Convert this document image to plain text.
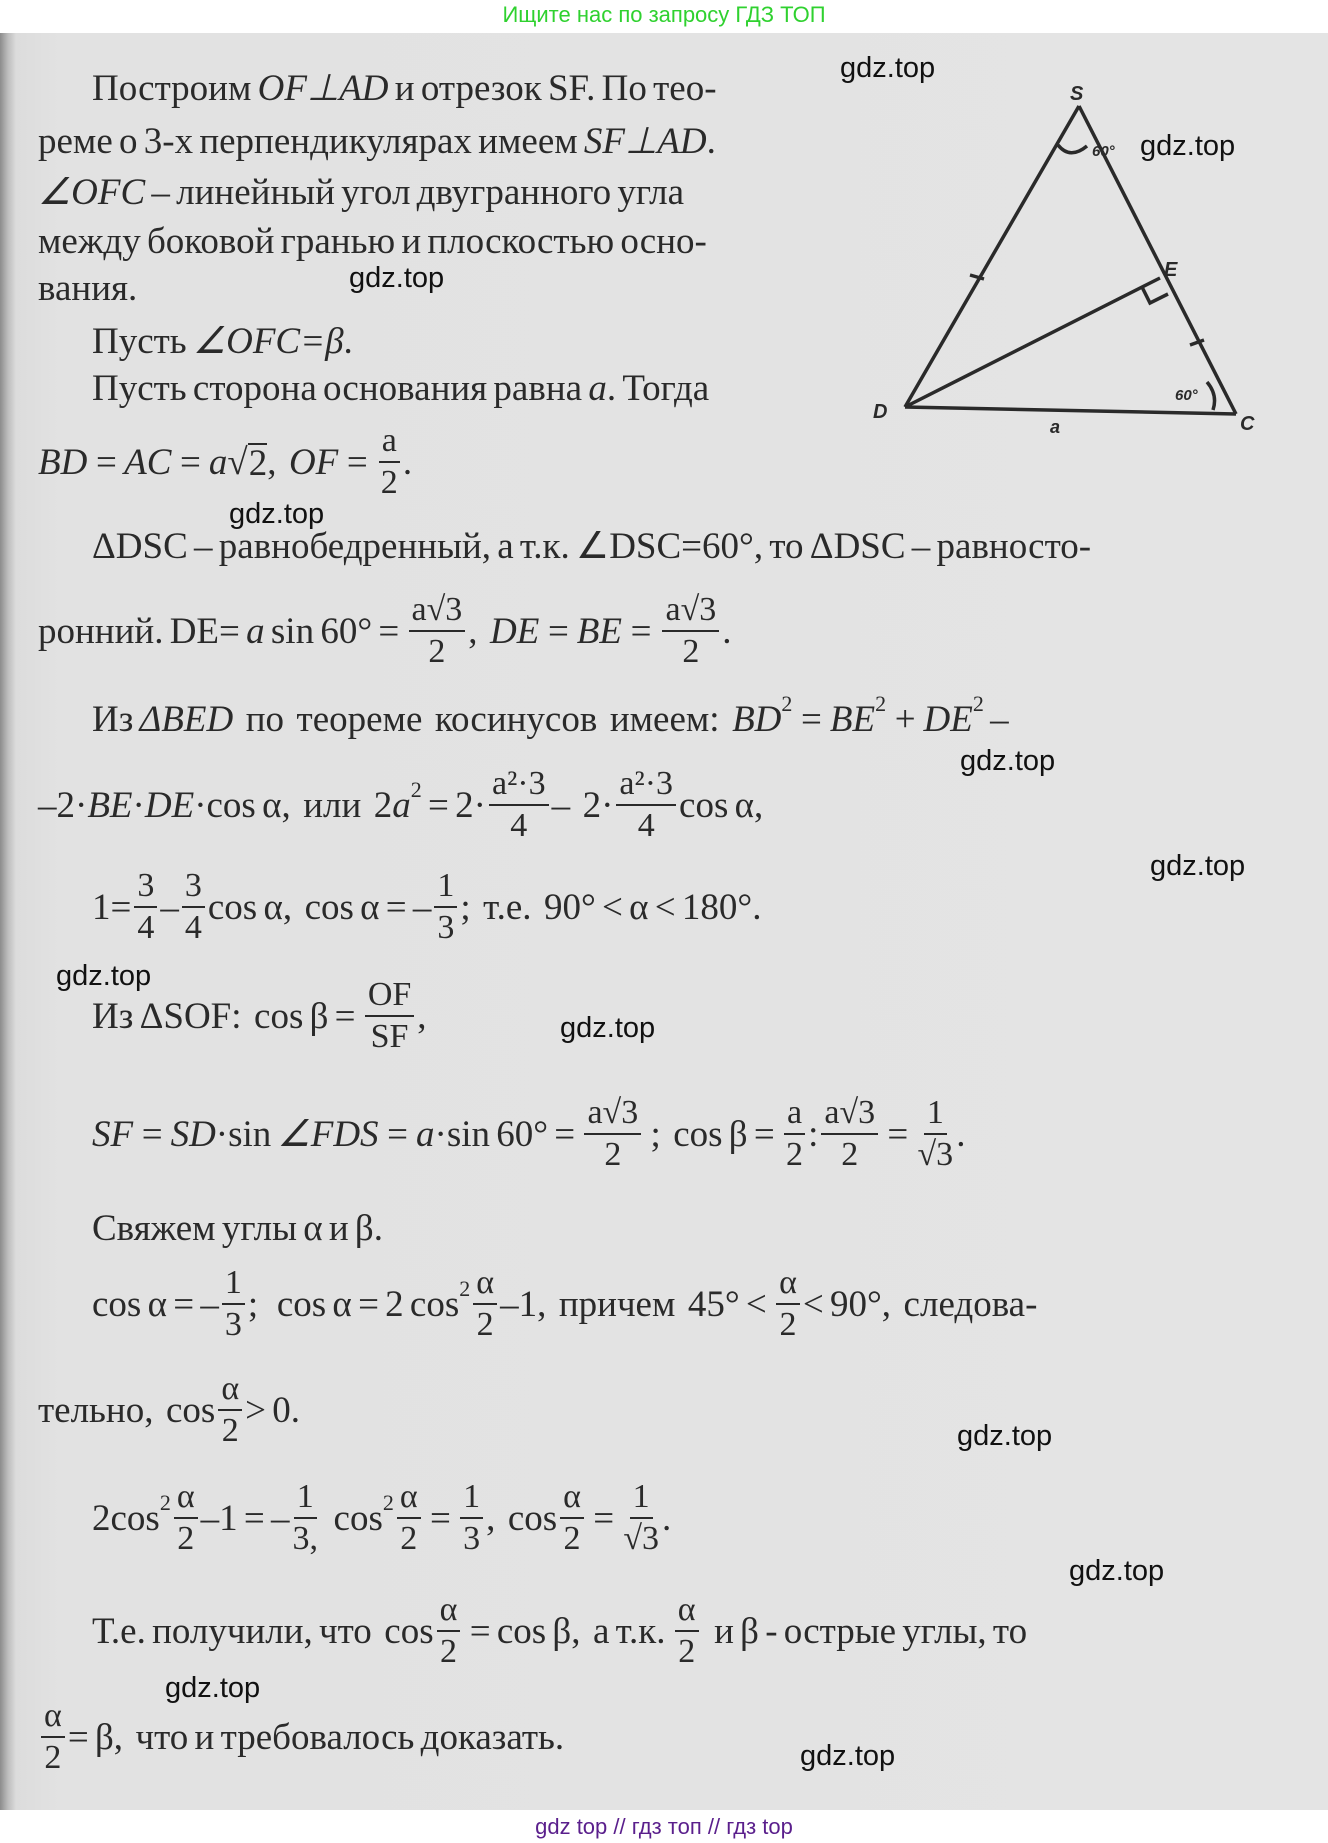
Ищите нас по запросу ГДЗ ТОП
Построим OF⊥AD и отрезок SF. По тео-
реме о 3-х перпендикулярах имеем SF⊥AD .
∠OFC – линейный угол двугранного угла
между боковой гранью и плоскостью осно-
вания.
Пусть ∠OFC=β .
Пусть сторона основания равна a . Тогда
BD = AC = a √ 2 , OF = $\frac{a}{2}$ .
ΔDSC – равнобедренный, а т.к. ∠DSC=60°, то ΔDSC – равносто-
ронний. DE= a $\sin 60^\circ = \frac{a√3}{2}$ , DE = BE = $\frac{a√3}{2}$ .
Из ΔBED по  теореме  косинусов  имеем: BD 2 = BE 2 + DE 2 –
–2· BE · DE ·cos α,  или  2 a $2 = 2\cdot \frac{\text{a²·3}}{4} - 2\cdot \frac{\text{a²·3}}{4}$ cos α,
$1= \frac{3}{4} - \frac{3}{4}$ cos α,  cos α = – $\frac{1}{3}$ ;  т.е.  90° < α < 180°.
Из ΔSOF:  $\cos \beta = \frac{OF}{SF}$ ,
SF = SD ·sin ∠FDS = a ·sin $60^\circ = \frac{a√3}{2}$ ;  $\cos \beta = \frac{a}{2}$ : $\frac{a√3}{2} = \frac{1}{√3}$ .
Свяжем углы α и β.
cos α = – $\frac{1}{3}$ ;   cos α = 2 $\cos 2 \frac{\alpha}{2} -1$,  причем  $45^\circ < \frac{\alpha}{2} < 90^\circ$,  следова-
тельно,  $\cos \frac{\alpha}{2} > 0$.
2cos $2 \frac{\alpha}{2} -1$ = – $\frac{1}{3,}$ $\cos 2 \frac{\alpha}{2} = \frac{1}{3}$ ,  $\cos \frac{\alpha}{2} = \frac{1}{√3}$ .
Т.е. получили, что  $\cos \frac{\alpha}{2} = \cos \beta$,  а т.к. $\frac{\alpha}{2}$ и β - острые углы, то
$\frac{\alpha}{2} = \beta$,  что и требовалось доказать.
S
60°
E
60°
D
C
a
gdz.top
gdz.top
gdz.top
gdz.top
gdz.top
gdz.top
gdz.top
gdz.top
gdz.top
gdz.top
gdz.top
gdz.top
gdz top // гдз топ // гдз top
